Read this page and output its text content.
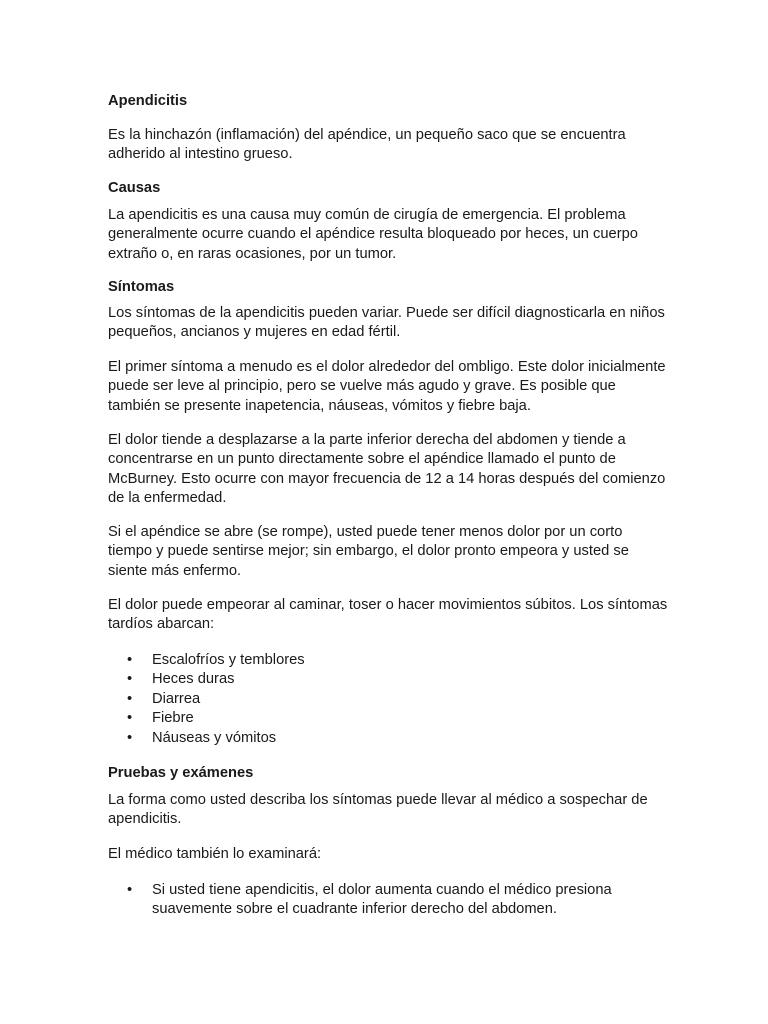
Apendicitis

Es la hinchazón (inflamación) del apéndice, un pequeño saco que se encuentra adherido al intestino grueso.

Causas

La apendicitis es una causa muy común de cirugía de emergencia. El problema generalmente ocurre cuando el apéndice resulta bloqueado por heces, un cuerpo extraño o, en raras ocasiones, por un tumor.

Síntomas

Los síntomas de la apendicitis pueden variar. Puede ser difícil diagnosticarla en niños pequeños, ancianos y mujeres en edad fértil.

El primer síntoma a menudo es el dolor alrededor del ombligo. Este dolor inicialmente puede ser leve al principio, pero se vuelve más agudo y grave. Es posible que también se presente inapetencia, náuseas, vómitos y fiebre baja.

El dolor tiende a desplazarse a la parte inferior derecha del abdomen y tiende a concentrarse en un punto directamente sobre el apéndice llamado el punto de McBurney. Esto ocurre con mayor frecuencia de 12 a 14 horas después del comienzo de la enfermedad.

Si el apéndice se abre (se rompe), usted puede tener menos dolor por un corto tiempo y puede sentirse mejor; sin embargo, el dolor pronto empeora y usted se siente más enfermo.

El dolor puede empeorar al caminar, toser o hacer movimientos súbitos. Los síntomas tardíos abarcan:

• Escalofríos y temblores
• Heces duras
• Diarrea
• Fiebre
• Náuseas y vómitos
Pruebas y exámenes

La forma como usted describa los síntomas puede llevar al médico a sospechar de apendicitis.

El médico también lo examinará:

• Si usted tiene apendicitis, el dolor aumenta cuando el médico presiona suavemente sobre el cuadrante inferior derecho del abdomen.
